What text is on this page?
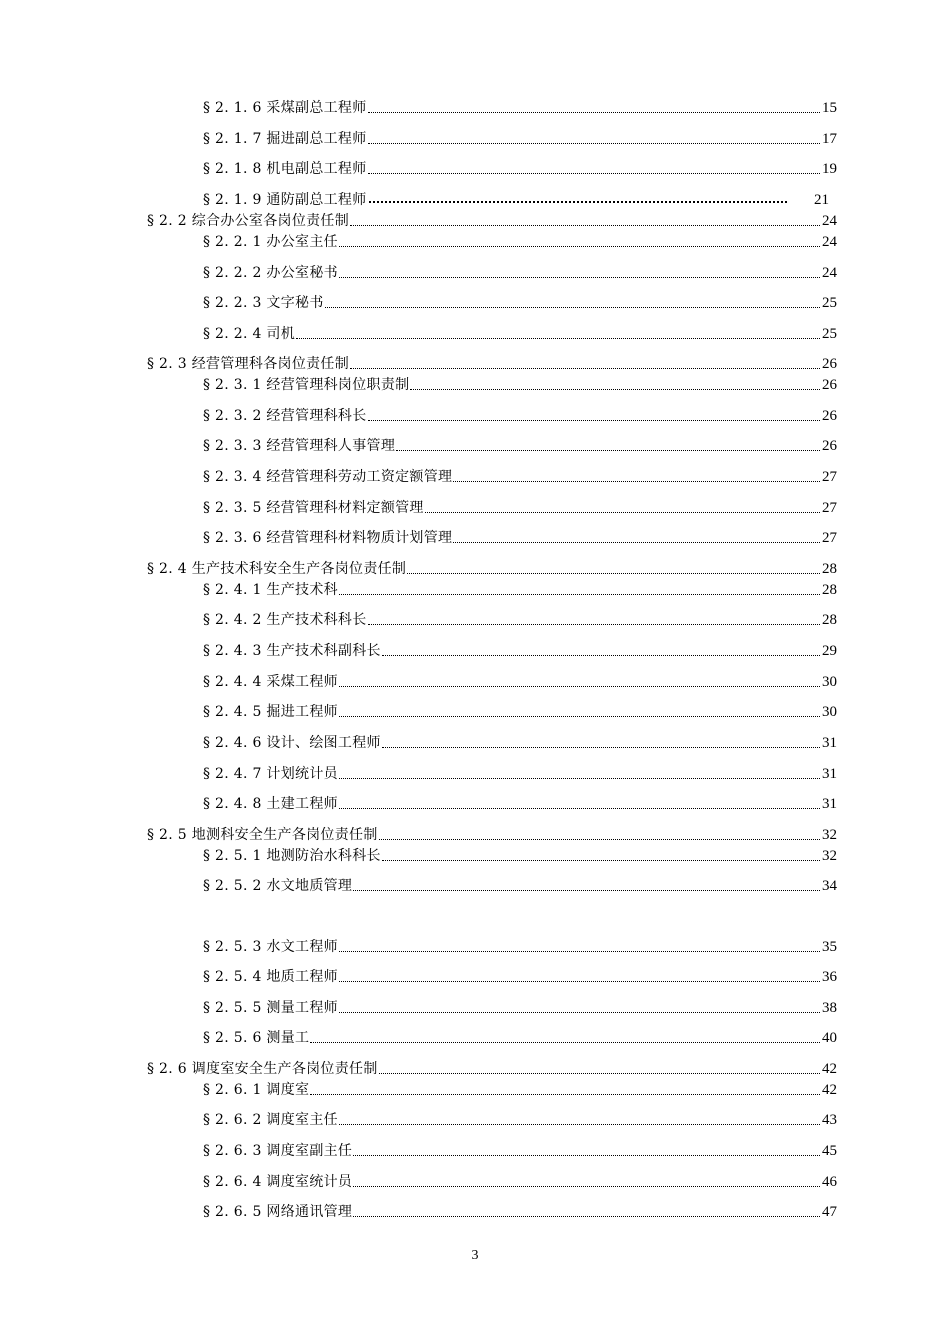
§ 2. 1. 6 采煤副总工程师	15
§ 2. 1. 7 掘进副总工程师	17
§ 2. 1. 8 机电副总工程师	19
§ 2. 1. 9 通防副总工程师	21
§ 2. 2 综合办公室各岗位责任制	24
§ 2. 2. 1 办公室主任	24
§ 2. 2. 2 办公室秘书	24
§ 2. 2. 3 文字秘书	25
§ 2. 2. 4 司机	25
§ 2. 3 经营管理科各岗位责任制	26
§ 2. 3. 1 经营管理科岗位职责制	26
§ 2. 3. 2 经营管理科科长	26
§ 2. 3. 3 经营管理科人事管理	26
§ 2. 3. 4 经营管理科劳动工资定额管理	27
§ 2. 3. 5 经营管理科材料定额管理	27
§ 2. 3. 6 经营管理科材料物质计划管理	27
§ 2. 4 生产技术科安全生产各岗位责任制	28
§ 2. 4. 1 生产技术科	28
§ 2. 4. 2 生产技术科科长	28
§ 2. 4. 3 生产技术科副科长	29
§ 2. 4. 4 采煤工程师	30
§ 2. 4. 5 掘进工程师	30
§ 2. 4. 6 设计、绘图工程师	31
§ 2. 4. 7 计划统计员	31
§ 2. 4. 8 土建工程师	31
§ 2. 5 地测科安全生产各岗位责任制	32
§ 2. 5. 1 地测防治水科科长	32
§ 2. 5. 2 水文地质管理	34
§ 2. 5. 3 水文工程师	35
§ 2. 5. 4 地质工程师	36
§ 2. 5. 5 测量工程师	38
§ 2. 5. 6 测量工	40
§ 2. 6 调度室安全生产各岗位责任制	42
§ 2. 6. 1 调度室	42
§ 2. 6. 2 调度室主任	43
§ 2. 6. 3 调度室副主任	45
§ 2. 6. 4 调度室统计员	46
§ 2. 6. 5 网络通讯管理	47
3
